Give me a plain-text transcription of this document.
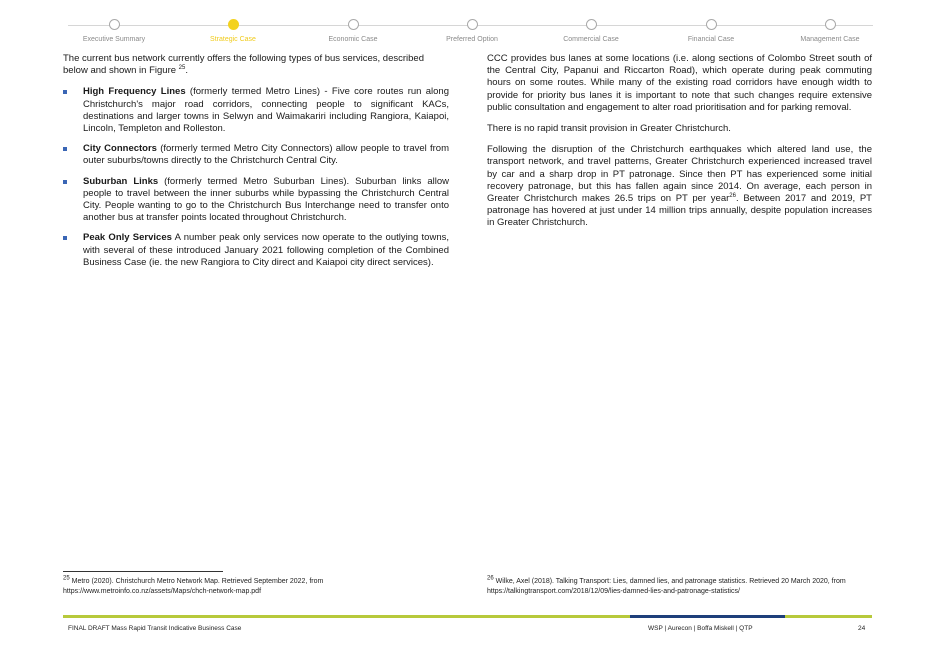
Executive Summary	Strategic Case	Economic Case	Preferred Option	Commercial Case	Financial Case	Management Case

The current bus network currently offers the following types of bus services, described below and shown in Figure $^{25}$.

High Frequency Lines (formerly termed Metro Lines) - Five core routes run along Christchurch's major road corridors, connecting people to significant KACs, destinations and larger towns in Selwyn and Waimakariri including Rangiora, Kaiapoi, Lincoln, Templeton and Rolleston.
City Connectors (formerly termed Metro City Connectors) allow people to travel from outer suburbs/towns directly to the Christchurch Central City.
Suburban Links (formerly termed Metro Suburban Lines). Suburban links allow people to travel between the inner suburbs while bypassing the Christchurch Central City. People wanting to go to the Christchurch Bus Interchange need to transfer onto another bus at transfer points located throughout Christchurch.
Peak Only Services A number peak only services now operate to the outlying towns, with several of these introduced January 2021 following completion of the Combined Business Case (ie. the new Rangiora to City direct and Kaiapoi city direct services).

CCC provides bus lanes at some locations (i.e. along sections of Colombo Street south of the Central City, Papanui and Riccarton Road), which operate during peak commuting hours on some routes. While many of the existing road corridors have enough width to provide for priority bus lanes it is important to note that such changes require extensive public consultation and engagement to alter road prioritisation and for parking removal.

There is no rapid transit provision in Greater Christchurch.

Following the disruption of the Christchurch earthquakes which altered land use, the transport network, and travel patterns, Greater Christchurch experienced increased travel by car and a sharp drop in PT patronage. Since then PT has experienced some initial recovery patronage, but this has fallen again since 2014. On average, each person in Greater Christchurch makes 26.5 trips on PT per year$^{26}$. Between 2017 and 2019, PT patronage has hovered at just under 14 million trips annually, despite population increases in Greater Christchurch.

$^{25}$ Metro (2020). Christchurch Metro Network Map. Retrieved September 2022, from https://www.metroinfo.co.nz/assets/Maps/chch-network-map.pdf
$^{26}$ Wilke, Axel (2018). Talking Transport: Lies, damned lies, and patronage statistics. Retrieved 20 March 2020, from https://talkingtransport.com/2018/12/09/lies-damned-lies-and-patronage-statistics/
FINAL DRAFT Mass Rapid Transit Indicative Business Case	WSP | Aurecon | Boffa Miskell | QTP	24
